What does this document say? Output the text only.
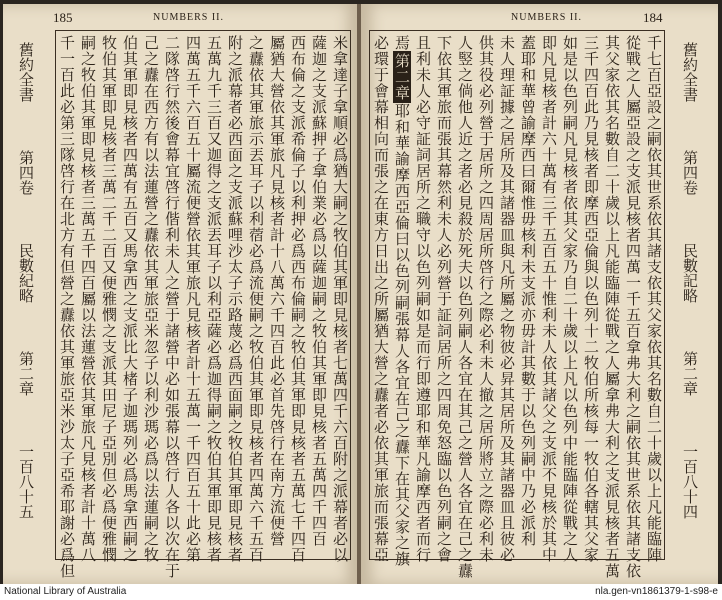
185	NUMBERS II.
米拿達子拿順必爲猶大嗣之牧伯其軍即見核者七萬四千六百附之派幕者必以
薩迦之支派蘇押子拿伯業必爲以薩迦嗣之牧伯其軍即見核者五萬四千四百
西布倫之支派希倫子以利押必爲西布倫嗣之牧伯其軍即見核者五萬七千四百
屬猶大營依其軍旅凡見核者計十八萬六千四百此必首先啓行在南方流便營
之纛依其軍旅示丟耳子以利蓿必爲流便嗣之牧伯其軍即見核者四萬六千五百
附之派幕者必西面之支派蘇哩沙太子示路蔑必爲西面嗣之牧伯其軍即見核者
五萬九千三百又迦得之支派丟耳子以利亞薩必爲迦得嗣之牧伯其軍即見核者
四萬五千六百五十屬流便營依其軍旅凡見核者計十五萬一千四百五十此必第
二隊啓行然後會幕宜啓行偕利未人之營于諸營中必如張幕以啓行人各以次在于
己之纛在西方有以法蓮營之纛依其軍旅亞米忽子以利沙瑪必爲以法蓮嗣之牧
伯其軍即見核者四萬有五百又馬拿西之支派比大楮子迦瑪列必爲馬拿西嗣之
牧伯其軍即見核者三萬二千二百又便雅憫之支派其田尼子亞別但必爲便雅憫
嗣之牧伯其軍即見核者三萬五千四百屬以法蓮營依其軍旅凡見核者計十萬八
千一百此必第三隊啓行在北方有但營之纛依其軍旅亞米沙太子亞希耶謝必爲但
舊約全書第四卷民數紀略第二章一百八十五
NUMBERS II.	184
千七百亞設之嗣依其世系依其諸支依其父家依其名數自二十歲以上凡能臨陣
從戰之人屬亞設之支派見核者四萬一千五百拿弗大利之嗣依其世系依其諸支依
其父家依其名數自二十歲以上凡能臨陣從戰之人屬拿弗大利之支派見核者五萬
三千四百此乃見核者即摩西亞倫與以色列十二牧伯所核每一牧伯各轄其父家
如是以色列嗣凡見核者依其父家乃自二十歲以上凡以色列中能臨陣從戰之人
即凡見核者計六十萬有三千五百五十惟利未人依其諸父之支派不見核於其中
蓋耶和華曾諭摩西曰爾惟毋核利未支派亦毋計其數于以色列嗣中乃必派利
未人理証據之居所及其諸器皿與凡所屬之物彼必昇其居所及其諸器皿且彼必
供其役必列營于居所之四周居所啓行之際必利未人撤之居所將立之際必利未
人竪之倘他人近之者必見殺於死夫以色列嗣人各宜在其己之營人各宜在己之纛
下依其軍旅而張其幕然利未人必列營于証詞居所之四周免怒臨以色列嗣之會
且利未人必守証詞居所之職守以色列嗣如是而行即遵耶和華凡諭摩西者而行
焉第二章耶和華諭摩西亞倫曰以色列嗣張幕人各宜在己之纛下在其父家之旗
必環于會幕相向而張之在東方日出之所屬猶大營之纛者必依其軍旅而張幕亞	舊約全書第四卷民數記略第二章一百八十四
National Library of Australia	nla.gen-vn1861379-1-s98-e
